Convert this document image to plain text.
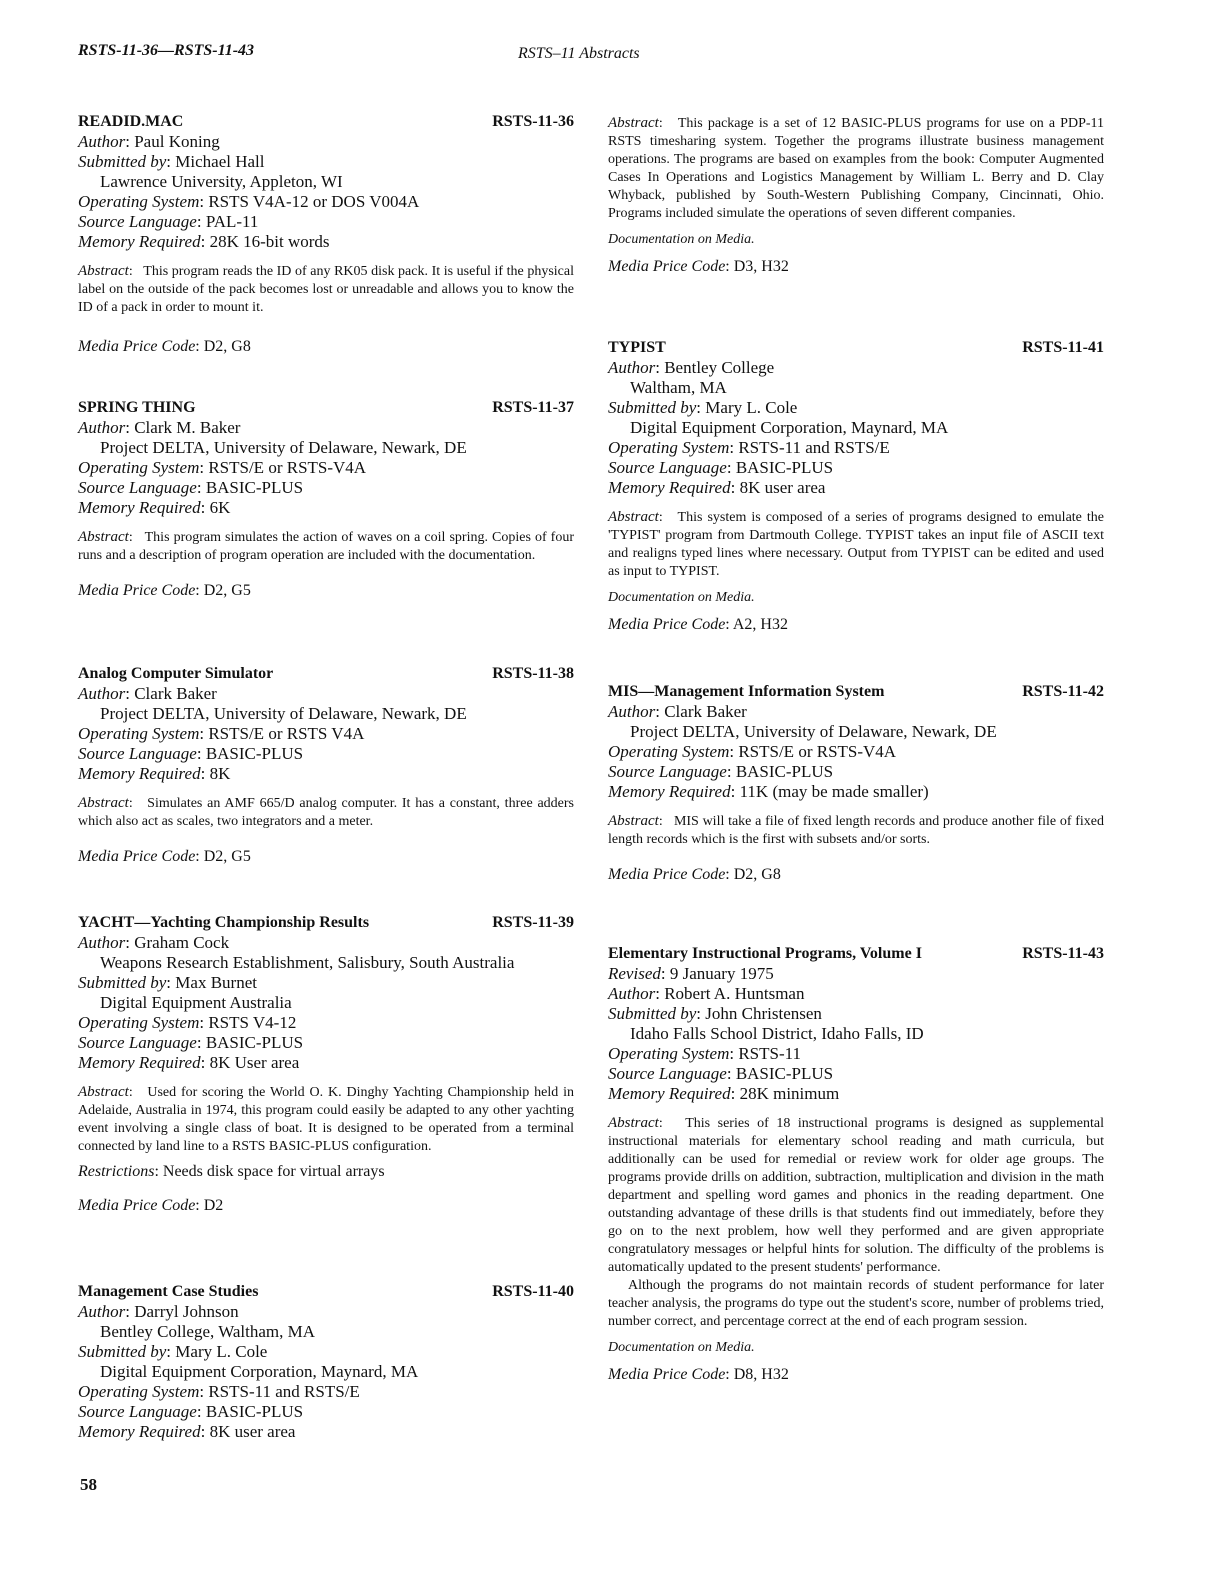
RSTS-11-36—RSTS-11-43	RSTS–11 Abstracts
READID.MAC	RSTS-11-36
Author: Paul Koning
Submitted by: Michael Hall
Lawrence University, Appleton, WI
Operating System: RSTS V4A-12 or DOS V004A
Source Language: PAL-11
Memory Required: 28K 16-bit words
Abstract:   This program reads the ID of any RK05 disk pack. It is useful if the physical label on the outside of the pack becomes lost or unreadable and allows you to know the ID of a pack in order to mount it.
Media Price Code: D2, G8
SPRING THING	RSTS-11-37
Author: Clark M. Baker
Project DELTA, University of Delaware, Newark, DE
Operating System: RSTS/E or RSTS-V4A
Source Language: BASIC-PLUS
Memory Required: 6K
Abstract:   This program simulates the action of waves on a coil spring. Copies of four runs and a description of program operation are included with the documentation.
Media Price Code: D2, G5
Analog Computer Simulator	RSTS-11-38
Author: Clark Baker
Project DELTA, University of Delaware, Newark, DE
Operating System: RSTS/E or RSTS V4A
Source Language: BASIC-PLUS
Memory Required: 8K
Abstract:   Simulates an AMF 665/D analog computer. It has a constant, three adders which also act as scales, two integrators and a meter.
Media Price Code: D2, G5
YACHT—Yachting Championship Results	RSTS-11-39
Author: Graham Cock
Weapons Research Establishment, Salisbury, South Australia
Submitted by: Max Burnet
Digital Equipment Australia
Operating System: RSTS V4-12
Source Language: BASIC-PLUS
Memory Required: 8K User area
Abstract:   Used for scoring the World O. K. Dinghy Yachting Championship held in Adelaide, Australia in 1974, this program could easily be adapted to any other yachting event involving a single class of boat. It is designed to be operated from a terminal connected by land line to a RSTS BASIC-PLUS configuration.
Restrictions: Needs disk space for virtual arrays
Media Price Code: D2
Management Case Studies	RSTS-11-40
Author: Darryl Johnson
Bentley College, Waltham, MA
Submitted by: Mary L. Cole
Digital Equipment Corporation, Maynard, MA
Operating System: RSTS-11 and RSTS/E
Source Language: BASIC-PLUS
Memory Required: 8K user area
Abstract:   This package is a set of 12 BASIC-PLUS programs for use on a PDP-11 RSTS timesharing system. Together the programs illustrate business management operations. The programs are based on examples from the book: Computer Augmented Cases In Operations and Logistics Management by William L. Berry and D. Clay Whyback, published by South-Western Publishing Company, Cincinnati, Ohio. Programs included simulate the operations of seven different companies.
Documentation on Media.
Media Price Code: D3, H32
TYPIST	RSTS-11-41
Author: Bentley College
Waltham, MA
Submitted by: Mary L. Cole
Digital Equipment Corporation, Maynard, MA
Operating System: RSTS-11 and RSTS/E
Source Language: BASIC-PLUS
Memory Required: 8K user area
Abstract:   This system is composed of a series of programs designed to emulate the 'TYPIST' program from Dartmouth College. TYPIST takes an input file of ASCII text and realigns typed lines where necessary. Output from TYPIST can be edited and used as input to TYPIST.
Documentation on Media.
Media Price Code: A2, H32
MIS—Management Information System	RSTS-11-42
Author: Clark Baker
Project DELTA, University of Delaware, Newark, DE
Operating System: RSTS/E or RSTS-V4A
Source Language: BASIC-PLUS
Memory Required: 11K (may be made smaller)
Abstract:   MIS will take a file of fixed length records and produce another file of fixed length records which is the first with subsets and/or sorts.
Media Price Code: D2, G8
Elementary Instructional Programs, Volume I	RSTS-11-43
Revised: 9 January 1975
Author: Robert A. Huntsman
Submitted by: John Christensen
Idaho Falls School District, Idaho Falls, ID
Operating System: RSTS-11
Source Language: BASIC-PLUS
Memory Required: 28K minimum
Abstract:   This series of 18 instructional programs is designed as supplemental instructional materials for elementary school reading and math curricula, but additionally can be used for remedial or review work for older age groups. The programs provide drills on addition, subtraction, multiplication and division in the math department and spelling word games and phonics in the reading department. One outstanding advantage of these drills is that students find out immediately, before they go on to the next problem, how well they performed and are given appropriate congratulatory messages or helpful hints for solution. The difficulty of the problems is automatically updated to the present students' performance.
Although the programs do not maintain records of student performance for later teacher analysis, the programs do type out the student's score, number of problems tried, number correct, and percentage correct at the end of each program session.
Documentation on Media.
Media Price Code: D8, H32
58
